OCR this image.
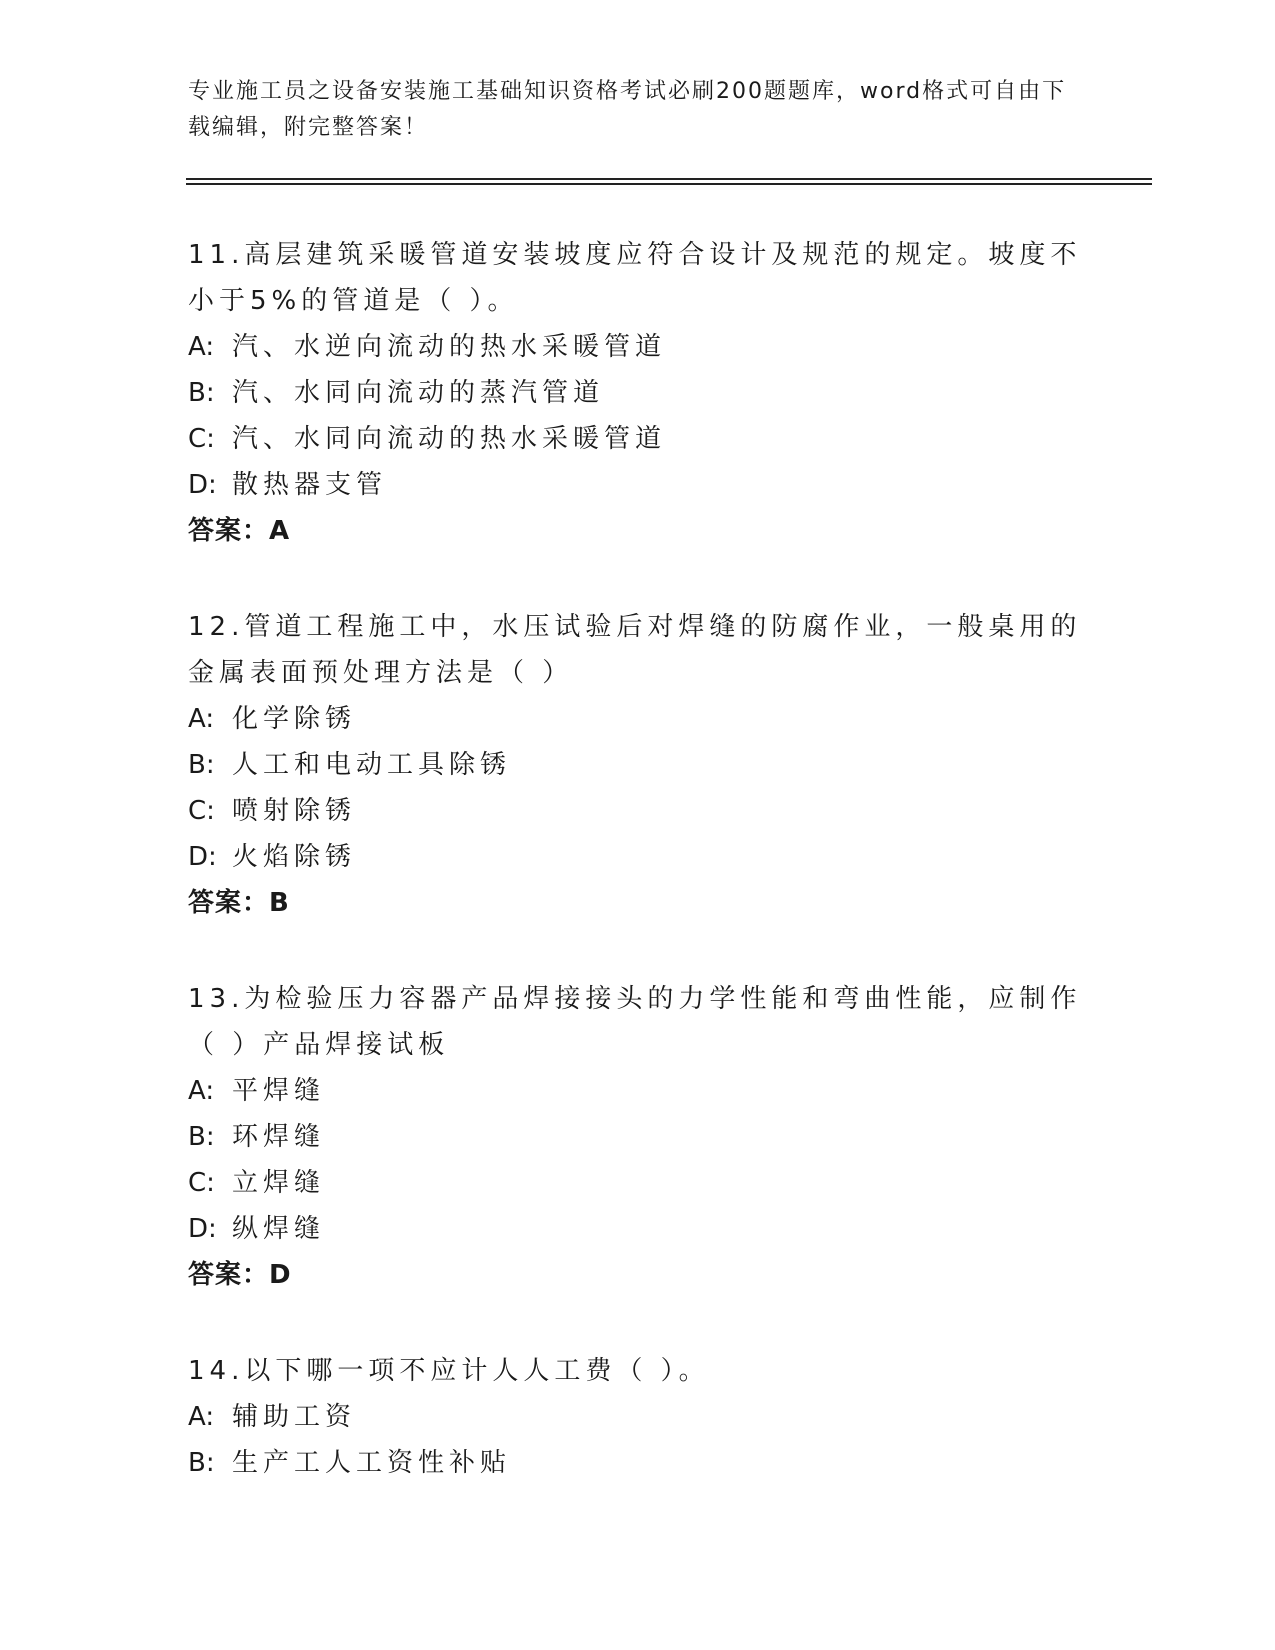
专业施工员之设备安装施工基础知识资格考试必刷200题题库，word格式可自由下载编辑，附完整答案！
11.高层建筑采暖管道安装坡度应符合设计及规范的规定。坡度不小于5%的管道是（ ）。
A: 汽、水逆向流动的热水采暖管道
B: 汽、水同向流动的蒸汽管道
C: 汽、水同向流动的热水采暖管道
D: 散热器支管
答案：A
12.管道工程施工中，水压试验后对焊缝的防腐作业，一般桌用的金属表面预处理方法是（ ）
A: 化学除锈
B: 人工和电动工具除锈
C: 喷射除锈
D: 火焰除锈
答案：B
13.为检验压力容器产品焊接接头的力学性能和弯曲性能，应制作（ ）产品焊接试板
A: 平焊缝
B: 环焊缝
C: 立焊缝
D: 纵焊缝
答案：D
14.以下哪一项不应计人人工费（ ）。
A: 辅助工资
B: 生产工人工资性补贴
